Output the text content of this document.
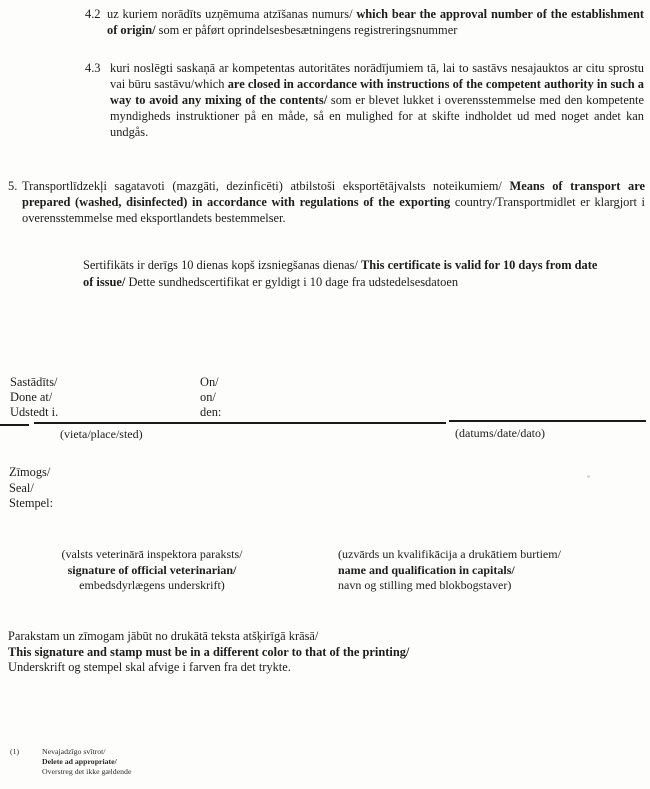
4.2 uz kuriem norādīts uzņēmuma atzīšanas numurs/ which bear the approval number of the establishment of origin/ som er påført oprindelsesbesætningens registreringsnummer
4.3 kuri noslēgti saskaņā ar kompetentas autoritātes norādījumiem tā, lai to sastāvs nesajauktos ar citu sprostu vai būru sastāvu/which are closed in accordance with instructions of the competent authority in such a way to avoid any mixing of the contents/ som er blevet lukket i overensstemmelse med den kompetente myndigheds instruktioner på en måde, så en mulighed for at skifte indholdet ud med noget andet kan undgås.
5. Transportlīdzekļi sagatavoti (mazgāti, dezinficēti) atbilstoši eksportētājvalsts noteikumiem/ Means of transport are prepared (washed, disinfected) in accordance with regulations of the exporting country/Transportmidlet er klargjort i overensstemmelse med eksportlandets bestemmelser.
Sertifikāts ir derīgs 10 dienas kopš izsniegšanas dienas/ This certificate is valid for 10 days from date of issue/ Dette sundhedscertifikat er gyldigt i 10 dage fra udstedelsesdatoen
Sastādīts/
Done at/
Udstedt i.
On/
on/
den:
(vieta/place/sted)	(datums/date/dato)
Zīmogs/
Seal/
Stempel:
(valsts veterinārā inspektora paraksts/
signature of official veterinarian/
embedsdyrlægens underskrift)
(uzvārds un kvalifikācija a drukātiem burtiem/
name and qualification in capitals/
navn og stilling med blokbogstaver)
Parakstam un zīmogam jābūt no drukātā teksta atšķirīgā krāsā/
This signature and stamp must be in a different color to that of the printing/
Underskrift og stempel skal afvige i farven fra det trykte.
(1)	Nevajadzīgo svītrot/
Delete ad appropriate/
Overstreg det ikke gældende
